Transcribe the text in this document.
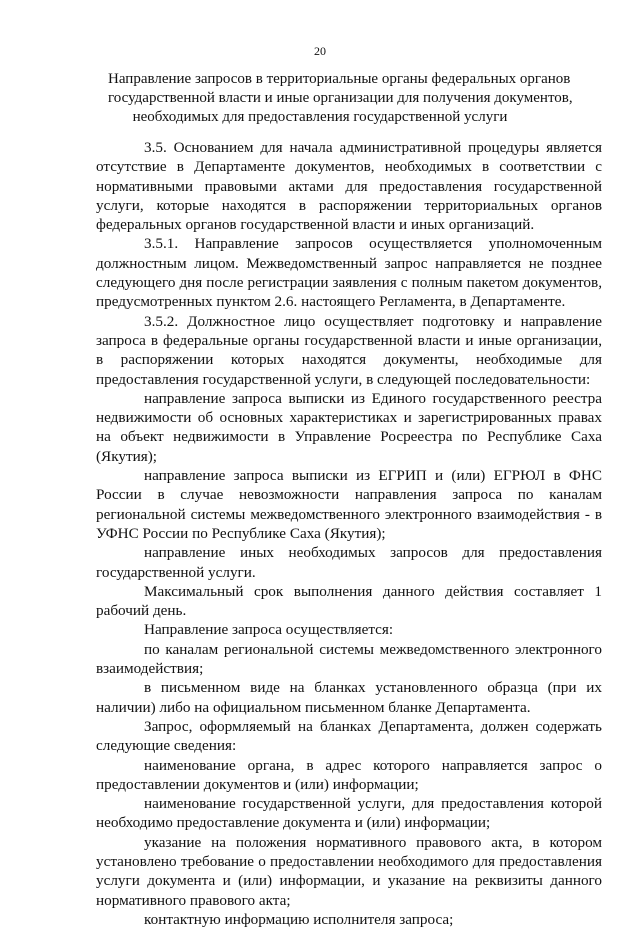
20
Направление запросов в территориальные органы федеральных органов
государственной власти и иные организации для получения документов,
необходимых для предоставления государственной услуги

3.5. Основанием для начала административной процедуры является отсутствие в Департаменте документов, необходимых в соответствии с нормативными правовыми актами для предоставления государственной услуги, которые находятся в распоряжении территориальных органов федеральных органов государственной власти и иных организаций.

3.5.1. Направление запросов осуществляется уполномоченным должностным лицом. Межведомственный запрос направляется не позднее следующего дня после регистрации заявления с полным пакетом документов, предусмотренных пунктом 2.6. настоящего Регламента, в Департаменте.

3.5.2. Должностное лицо осуществляет подготовку и направление запроса в федеральные органы государственной власти и иные организации, в распоряжении которых находятся документы, необходимые для предоставления государственной услуги, в следующей последовательности:

направление запроса выписки из Единого государственного реестра недвижимости об основных характеристиках и зарегистрированных правах на объект недвижимости в Управление Росреестра по Республике Саха (Якутия);

направление запроса выписки из ЕГРИП и (или) ЕГРЮЛ в ФНС России в случае невозможности направления запроса по каналам региональной системы межведомственного электронного взаимодействия - в УФНС России по Республике Саха (Якутия);

направление иных необходимых запросов для предоставления государственной услуги.

Максимальный срок выполнения данного действия составляет 1 рабочий день.

Направление запроса осуществляется:

по каналам региональной системы межведомственного электронного взаимодействия;

в письменном виде на бланках установленного образца (при их наличии) либо на официальном письменном бланке Департамента.

Запрос, оформляемый на бланках Департамента, должен содержать следующие сведения:

наименование органа, в адрес которого направляется запрос о предоставлении документов и (или) информации;

наименование государственной услуги, для предоставления которой необходимо предоставление документа и (или) информации;

указание на положения нормативного правового акта, в котором установлено требование о предоставлении необходимого для предоставления услуги документа и (или) информации, и указание на реквизиты данного нормативного правового акта;

контактную информацию исполнителя запроса;
